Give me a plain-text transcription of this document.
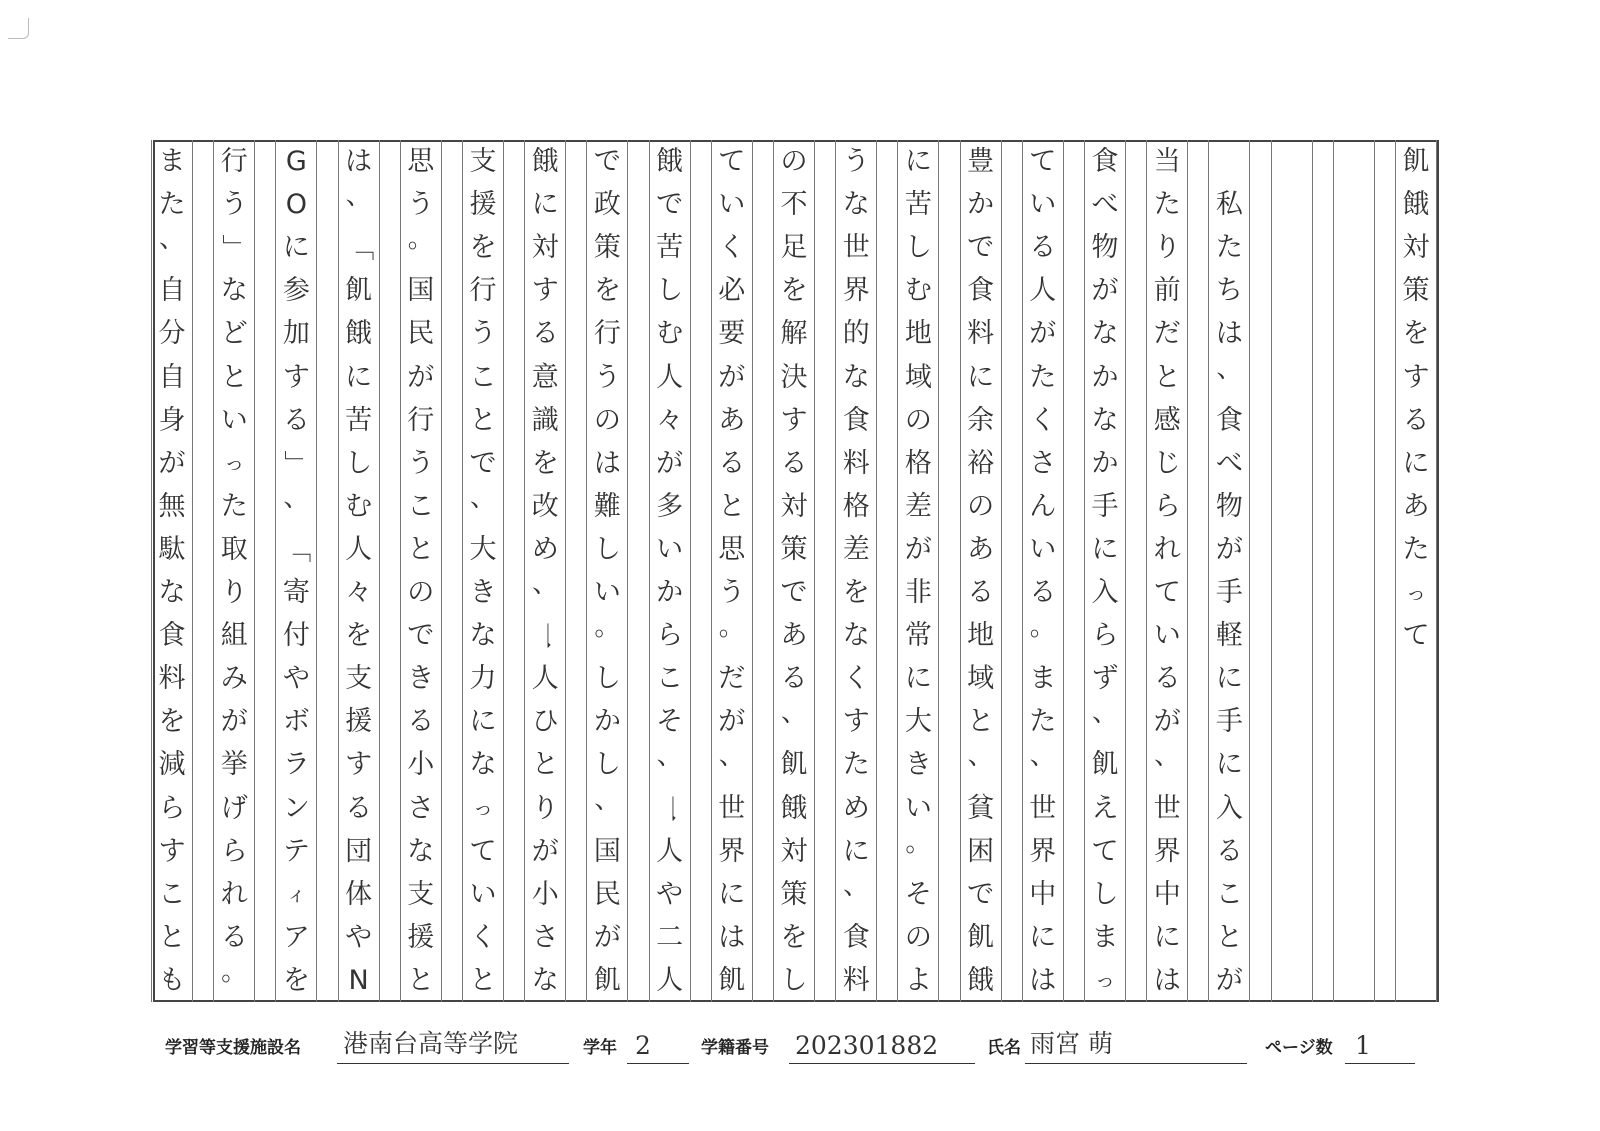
飢
餓
対
策
を
す
る
に
あ
た
っ
て
私
た
ち
は
、
食
べ
物
が
手
軽
に
手
に
入
る
こ
と
が
当
た
り
前
だ
と
感
じ
ら
れ
て
い
る
が
、
世
界
中
に
は
食
べ
物
が
な
か
な
か
手
に
入
ら
ず
、
飢
え
て
し
ま
っ
て
い
る
人
が
た
く
さ
ん
い
る
。
ま
た
、
世
界
中
に
は
豊
か
で
食
料
に
余
裕
の
あ
る
地
域
と
、
貧
困
で
飢
餓
に
苦
し
む
地
域
の
格
差
が
非
常
に
大
き
い
。
そ
の
よ
う
な
世
界
的
な
食
料
格
差
を
な
く
す
た
め
に
、
食
料
の
不
足
を
解
決
す
る
対
策
で
あ
る
、
飢
餓
対
策
を
し
て
い
く
必
要
が
あ
る
と
思
う
。
だ
が
、
世
界
に
は
飢
餓
で
苦
し
む
人
々
が
多
い
か
ら
こ
そ
、
一
人
や
二
人
で
政
策
を
行
う
の
は
難
し
い
。
し
か
し
、
国
民
が
飢
餓
に
対
す
る
意
識
を
改
め
、
一
人
ひ
と
り
が
小
さ
な
支
援
を
行
う
こ
と
で
、
大
き
な
力
に
な
っ
て
い
く
と
思
う
。
国
民
が
行
う
こ
と
の
で
き
る
小
さ
な
支
援
と
は
、
「
飢
餓
に
苦
し
む
人
々
を
支
援
す
る
団
体
や
N
G
O
に
参
加
す
る
」
、
「
寄
付
や
ボ
ラ
ン
テ
ィ
ア
を
行
う
」
な
ど
と
い
っ
た
取
り
組
み
が
挙
げ
ら
れ
る
。
ま
た
、
自
分
自
身
が
無
駄
な
食
料
を
減
ら
す
こ
と
も
学習等支援施設名 港南台高等学院	学年 2	学籍番号 202301882	氏名 雨宮 萌	ページ数 1
